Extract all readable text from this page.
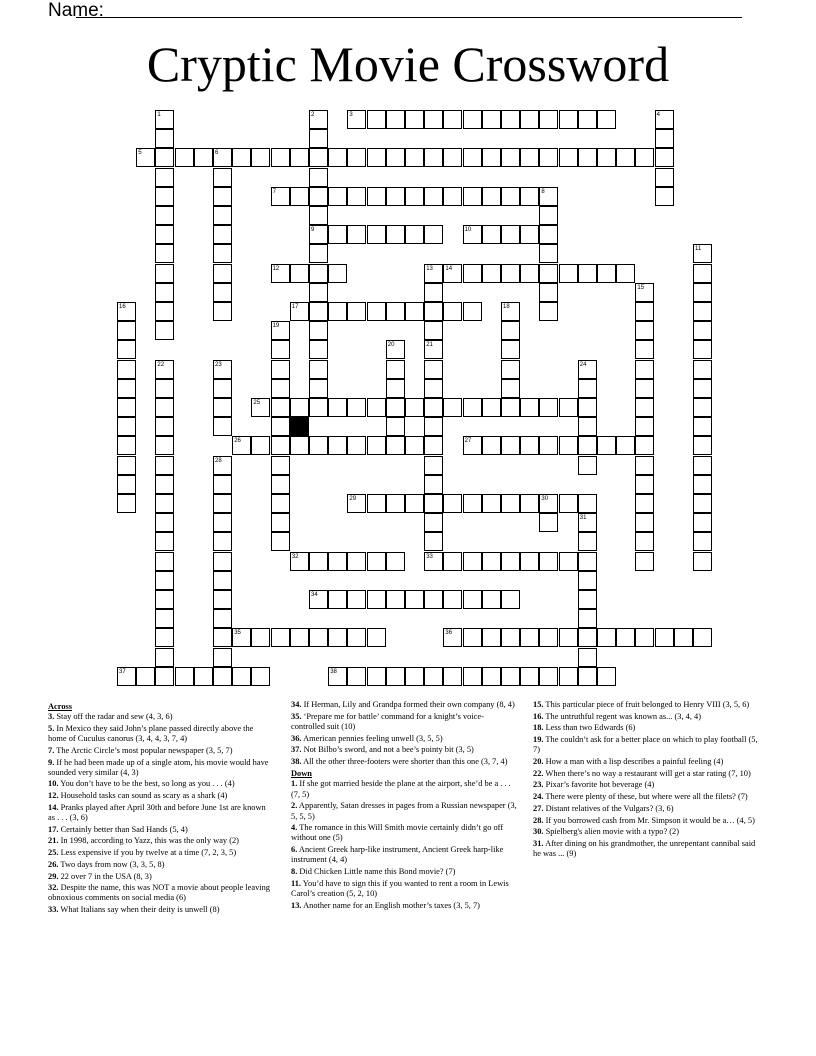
Name:
Cryptic Movie Crossword
1	2	3	4
5	6
7	8
9	10
11
12	13 14
15
16	17	18
19
20	21
22	23	24
25
26	27
28
29	30
31
32	33
34
35	36
37	38
Across
3. Stay off the radar and sew (4, 3, 6)
5. In Mexico they said John’s plane passed directly above the home of Cuculus canorus (3, 4, 4, 3, 7, 4)
7. The Arctic Circle’s most popular newspaper (3, 5, 7)
9. If he had been made up of a single atom, his movie would have sounded very similar (4, 3)
10. You don’t have to be the best, so long as you . . . (4)
12. Household tasks can sound as scary as a shark (4)
14. Pranks played after April 30th and before June 1st are known as . . . (3, 6)
17. Certainly better than Sad Hands (5, 4)
21. In 1998, according to Yazz, this was the only way (2)
25. Less expensive if you by twelve at a time (7, 2, 3, 5)
26. Two days from now (3, 3, 5, 8)
29. 22 over 7 in the USA (8, 3)
32. Despite the name, this was NOT a movie about people leaving obnoxious comments on social media (6)
33. What Italians say when their deity is unwell (8)
34. If Herman, Lily and Grandpa formed their own company (8, 4)
35. ‘Prepare me for battle’ command for a knight’s voice-controlled suit (10)
36. American pennies feeling unwell (3, 5, 5)
37. Not Bilbo’s sword, and not a bee’s pointy bit (3, 5)
38. All the other three-footers were shorter than this one (3, 7, 4)
Down
1. If she got married beside the plane at the airport, she’d be a . . . (7, 5)
2. Apparently, Satan dresses in pages from a Russian newspaper (3, 5, 5, 5)
4. The romance in this Will Smith movie certainly didn’t go off without one (5)
6. Ancient Greek harp-like instrument, Ancient Greek harp-like instrument (4, 4)
8. Did Chicken Little name this Bond movie? (7)
11. You’d have to sign this if you wanted to rent a room in Lewis Carol’s creation (5, 2, 10)
13. Another name for an English mother’s taxes (3, 5, 7)
15. This particular piece of fruit belonged to Henry VIII (3, 5, 6)
16. The untruthful regent was known as... (3, 4, 4)
18. Less than two Edwards (6)
19. The couldn’t ask for a better place on which to play football (5, 7)
20. How a man with a lisp describes a painful feeling (4)
22. When there’s no way a restaurant will get a star rating (7, 10)
23. Pixar’s favorite hot beverage (4)
24. There were plenty of these, but where were all the filets? (7)
27. Distant relatives of the Vulgars? (3, 6)
28. If you borrowed cash from Mr. Simpson it would be a… (4, 5)
30. Spielberg's alien movie with a typo? (2)
31. After dining on his grandmother, the unrepentant cannibal said he was ... (9)
